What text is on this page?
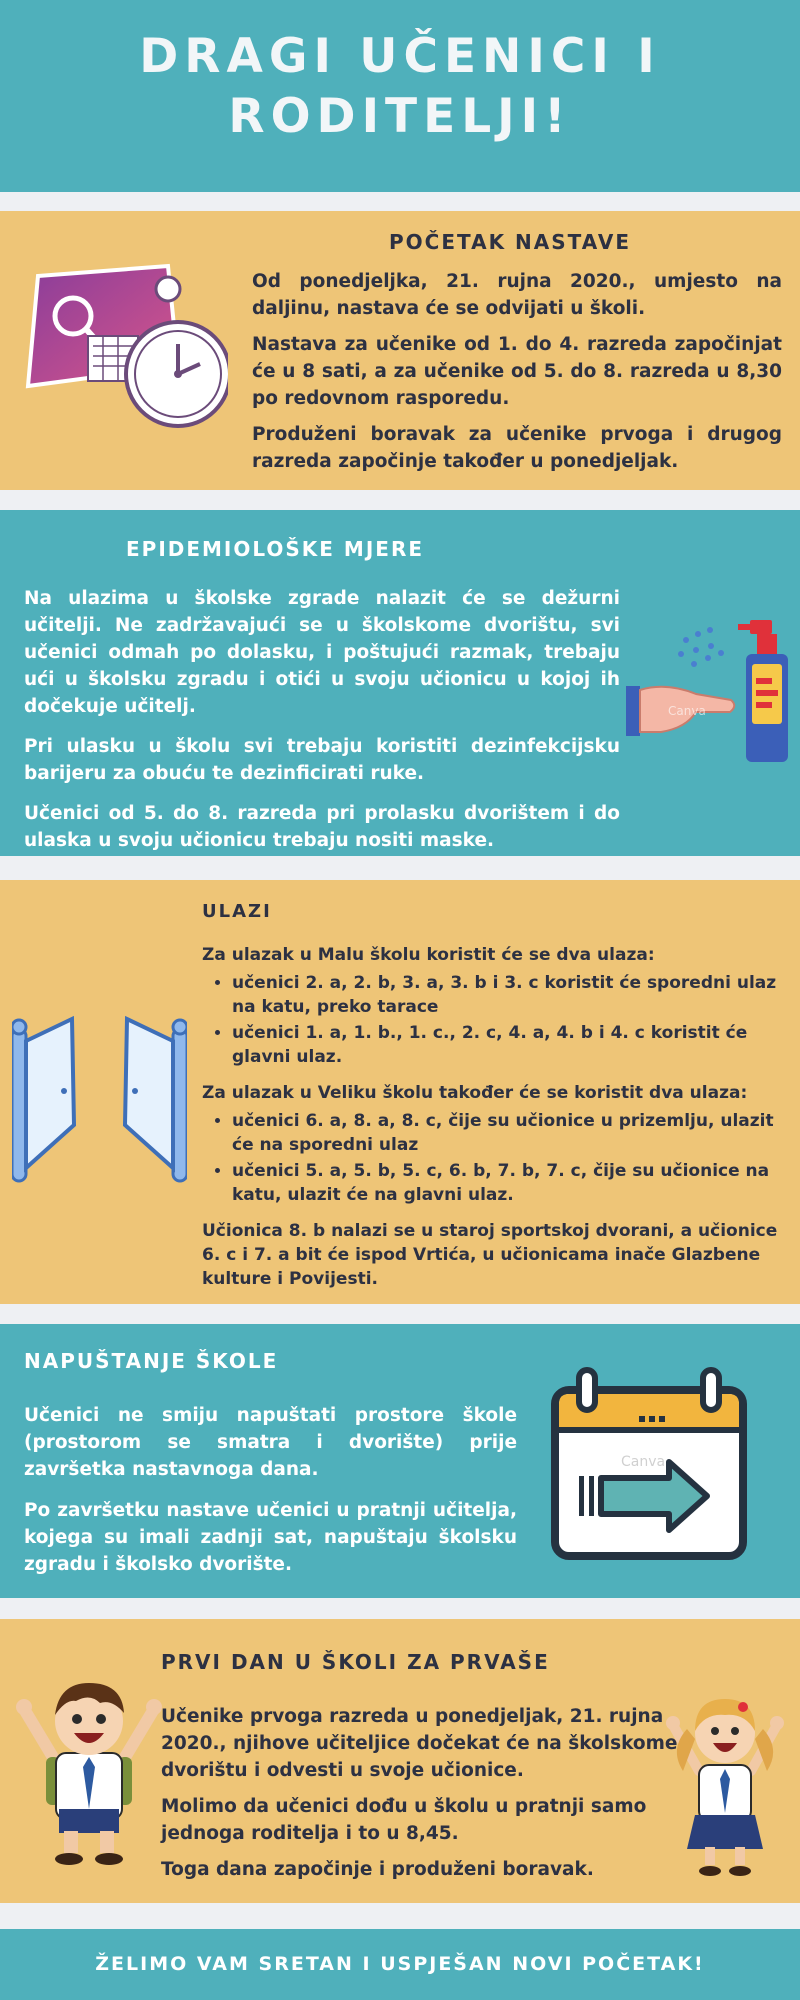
DRAGI UČENICI I RODITELJI!
POČETAK NASTAVE

Od ponedjeljka, 21. rujna 2020., umjesto na daljinu, nastava će se odvijati u školi.

Nastava za učenike od 1. do 4. razreda započinjat će u 8 sati, a za učenike od 5. do 8. razreda u 8,30 po redovnom rasporedu.

Produženi boravak za učenike prvoga i drugog razreda započinje također u ponedjeljak.

EPIDEMIOLOŠKE MJERE

Na ulazima u školske zgrade nalazit će se dežurni učitelji. Ne zadržavajući se u školskome dvorištu, svi učenici odmah po dolasku, i poštujući razmak, trebaju ući u školsku zgradu i otići u svoju učionicu u kojoj ih dočekuje učitelj.

Pri ulasku u školu svi trebaju koristiti dezinfekcijsku barijeru za obuću te dezinficirati ruke.

Učenici od 5. do 8. razreda pri prolasku dvorištem i do ulaska u svoju učionicu trebaju nositi maske.

Canva
ULAZI

Za ulazak u Malu školu koristit će se dva ulaza:

• učenici 2. a, 2. b, 3. a, 3. b i 3. c koristit će sporedni ulaz na katu, preko tarace
• učenici 1. a, 1. b., 1. c., 2. c, 4. a, 4. b i 4. c koristit će glavni ulaz.

Za ulazak u Veliku školu također će se koristit dva ulaza:

• učenici 6. a, 8. a, 8. c, čije su učionice u prizemlju, ulazit će na sporedni ulaz
• učenici 5. a, 5. b, 5. c, 6. b, 7. b, 7. c, čije su učionice na katu, ulazit će na glavni ulaz.

Učionica 8. b nalazi se u staroj sportskoj dvorani, a učionice 6. c i 7. a bit će ispod Vrtića, u učionicama inače Glazbene kulture i Povijesti.

NAPUŠTANJE ŠKOLE

Učenici ne smiju napuštati prostore škole (prostorom se smatra i dvorište) prije završetka nastavnoga dana.

Po završetku nastave učenici u pratnji učitelja, kojega su imali zadnji sat, napuštaju školsku zgradu i školsko dvorište.

Canva
PRVI DAN U ŠKOLI ZA PRVAŠE

Učenike prvoga razreda u ponedjeljak, 21. rujna 2020., njihove učiteljice dočekat će na školskome dvorištu i odvesti u svoje učionice.

Molimo da učenici dođu u školu u pratnji samo jednoga roditelja i to u 8,45.

Toga dana započinje i produženi boravak.

ŽELIMO VAM SRETAN I USPJEŠAN NOVI POČETAK!
